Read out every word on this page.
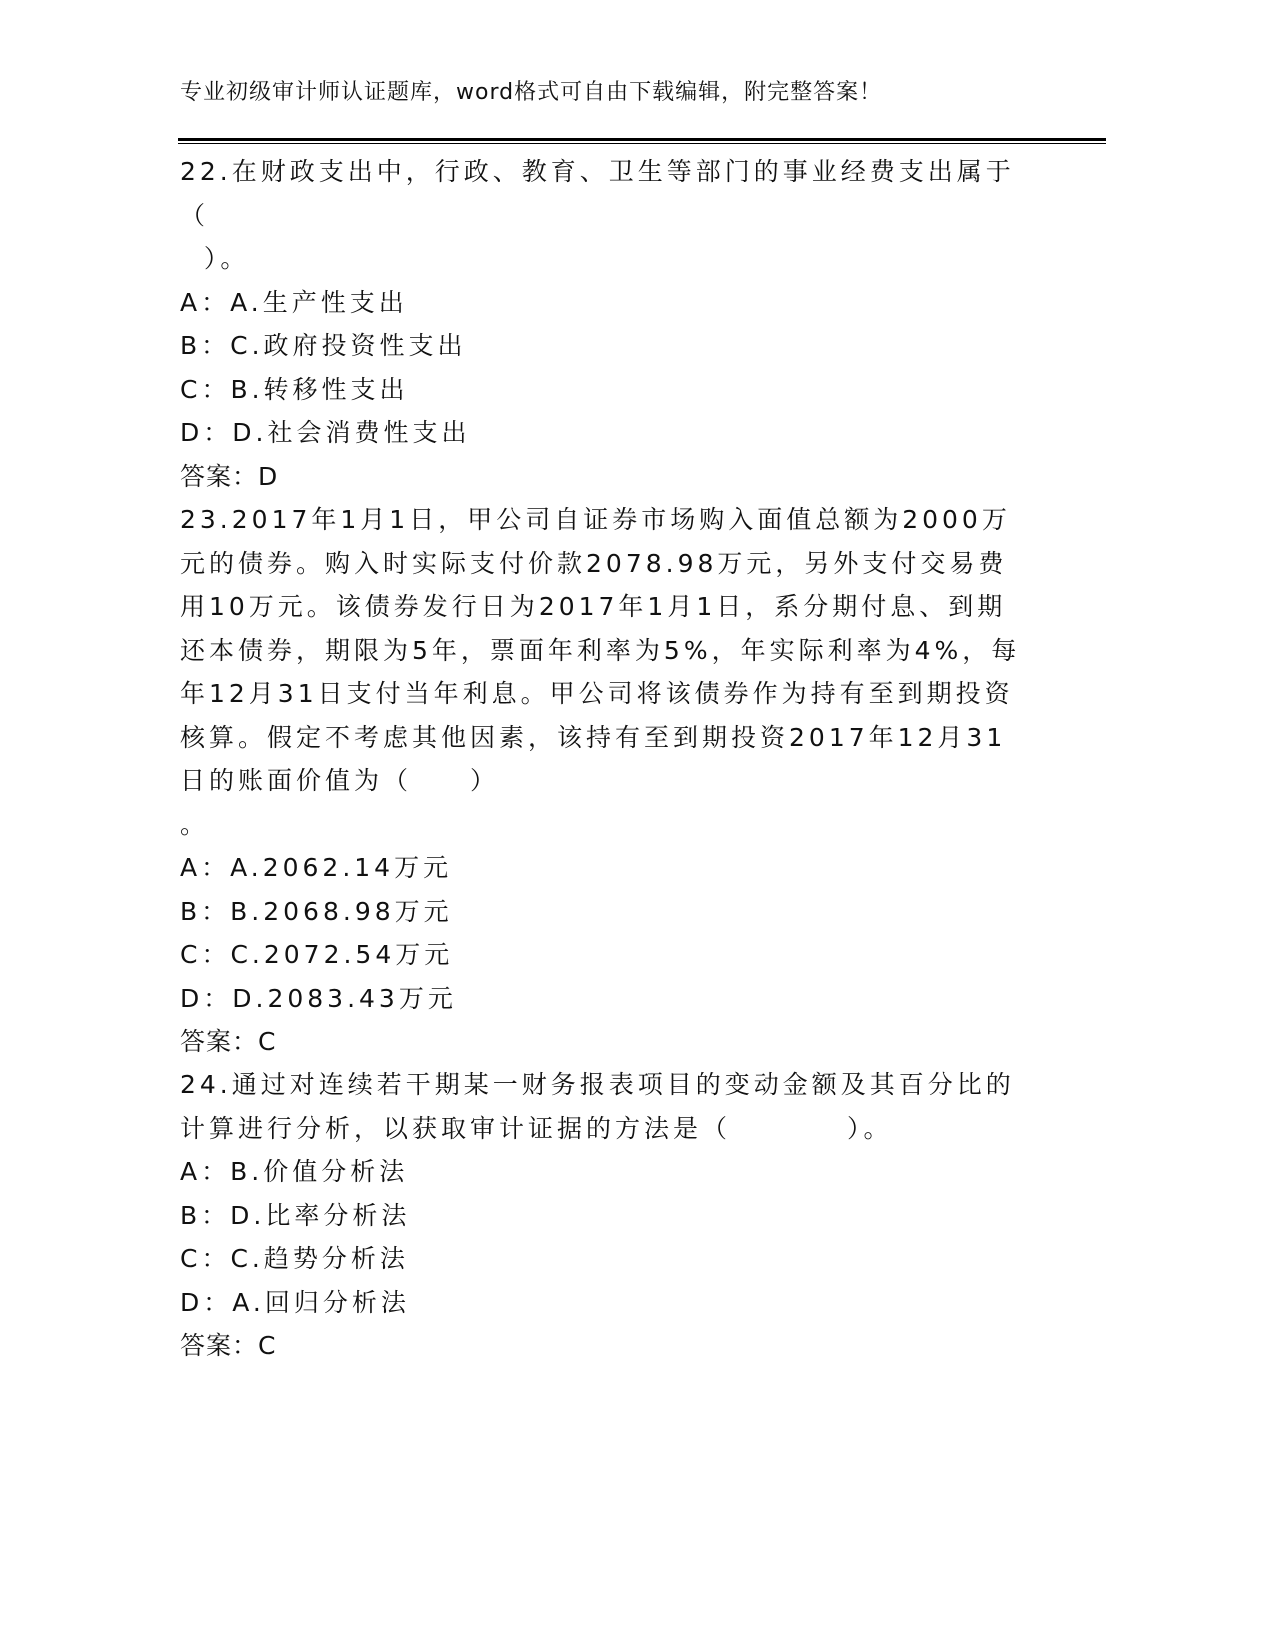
专业初级审计师认证题库，word格式可自由下载编辑，附完整答案！

22.在财政支出中，行政、教育、卫生等部门的事业经费支出属于（
）。

A：A.生产性支出
B：C.政府投资性支出
C：B.转移性支出
D：D.社会消费性支出
答案：D

23.2017年1月1日，甲公司自证券市场购入面值总额为2000万元的债券。购入时实际支付价款2078.98万元，另外支付交易费用10万元。该债券发行日为2017年1月1日，系分期付息、到期还本债券，期限为5年，票面年利率为5%，年实际利率为4%，每年12月31日支付当年利息。甲公司将该债券作为持有至到期投资核算。假定不考虑其他因素，该持有至到期投资2017年12月31日的账面价值为（　　）
。

A：A.2062.14万元
B：B.2068.98万元
C：C.2072.54万元
D：D.2083.43万元
答案：C

24.通过对连续若干期某一财务报表项目的变动金额及其百分比的计算进行分析，以获取审计证据的方法是（　　　　）。

A：B.价值分析法
B：D.比率分析法
C：C.趋势分析法
D：A.回归分析法
答案：C
